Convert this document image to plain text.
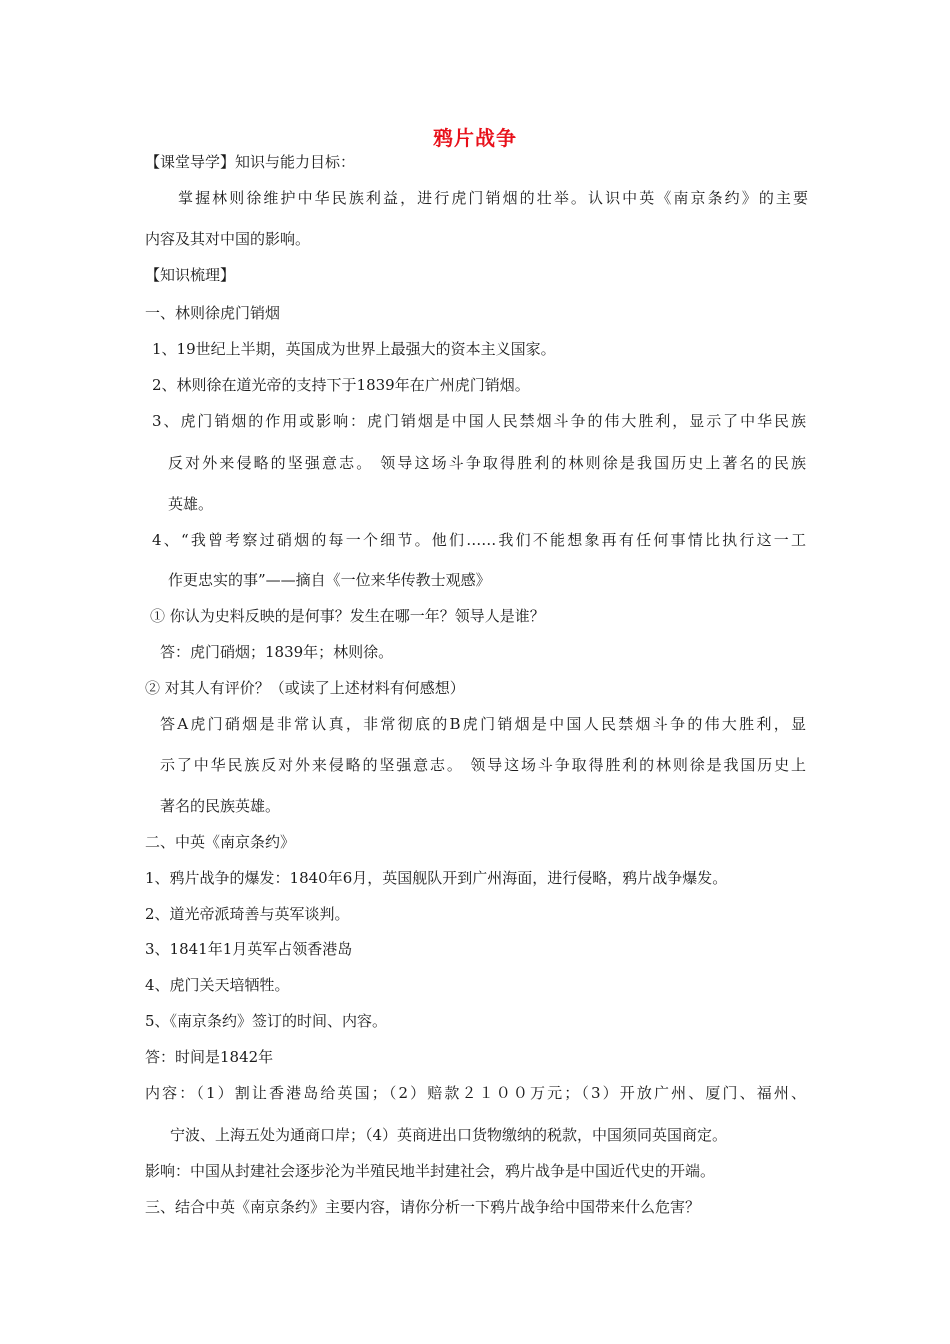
鸦片战争
【课堂导学】知识与能力目标：
掌握林则徐维护中华民族利益，进行虎门销烟的壮举。认识中英《南京条约》的主要
内容及其对中国的影响。
【知识梳理】
一、林则徐虎门销烟
1、19世纪上半期，英国成为世界上最强大的资本主义国家。
2、林则徐在道光帝的支持下于1839年在广州虎门销烟。
3、虎门销烟的作用或影响：虎门销烟是中国人民禁烟斗争的伟大胜利，显示了中华民族
反对外来侵略的坚强意志。 领导这场斗争取得胜利的林则徐是我国历史上著名的民族
英雄。
4、“我曾考察过硝烟的每一个细节。他们……我们不能想象再有任何事情比执行这一工
作更忠实的事”——摘自《一位来华传教士观感》
① 你认为史料反映的是何事？发生在哪一年？领导人是谁？
答：虎门硝烟；1839年；林则徐。
② 对其人有评价？（或读了上述材料有何感想）
答A虎门硝烟是非常认真，非常彻底的B虎门销烟是中国人民禁烟斗争的伟大胜利，显
示了中华民族反对外来侵略的坚强意志。 领导这场斗争取得胜利的林则徐是我国历史上
著名的民族英雄。
二、中英《南京条约》
1、鸦片战争的爆发：1840年6月，英国舰队开到广州海面，进行侵略，鸦片战争爆发。
2、道光帝派琦善与英军谈判。
3、1841年1月英军占领香港岛
4、虎门关天培牺牲。
5、《南京条约》签订的时间、内容。
答：时间是1842年
内容：（1）割让香港岛给英国；（2）赔款２１００万元；（3）开放广州、厦门、福州、
宁波、上海五处为通商口岸；（4）英商进出口货物缴纳的税款，中国须同英国商定。
影响：中国从封建社会逐步沦为半殖民地半封建社会，鸦片战争是中国近代史的开端。
三、结合中英《南京条约》主要内容，请你分析一下鸦片战争给中国带来什么危害？
